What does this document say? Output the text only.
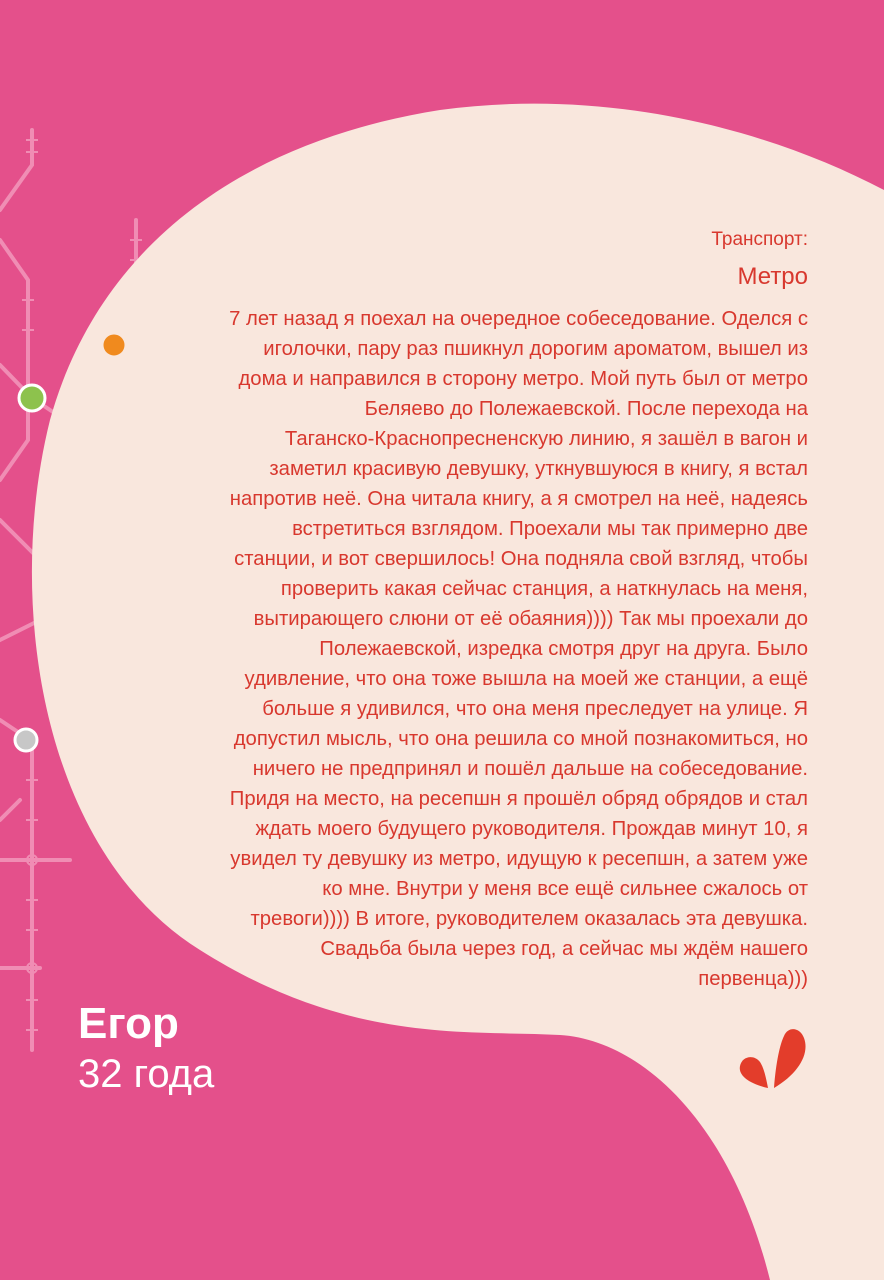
Транспорт:
Метро
7 лет назад я поехал на очередное собеседование. Оделся с
иголочки, пару раз пшикнул дорогим ароматом, вышел из
дома и направился в сторону метро. Мой путь был от метро
Беляево до Полежаевской. После перехода на
Таганско-Краснопресненскую линию, я зашёл в вагон и
заметил красивую девушку, уткнувшуюся в книгу, я встал
напротив неё. Она читала книгу, а я смотрел на неё, надеясь
встретиться взглядом. Проехали мы так примерно две
станции, и вот свершилось! Она подняла свой взгляд, чтобы
проверить какая сейчас станция, а наткнулась на меня,
вытирающего слюни от её обаяния)))) Так мы проехали до
Полежаевской, изредка смотря друг на друга. Было
удивление, что она тоже вышла на моей же станции, а ещё
больше я удивился, что она меня преследует на улице. Я
допустил мысль, что она решила со мной познакомиться, но
ничего не предпринял и пошёл дальше на собеседование.
Придя на место, на ресепшн я прошёл обряд обрядов и стал
ждать моего будущего руководителя. Прождав минут 10, я
увидел ту девушку из метро, идущую к ресепшн, а затем уже
ко мне. Внутри у меня все ещё сильнее сжалось от
тревоги)))) В итоге, руководителем оказалась эта девушка.
Свадьба была через год, а сейчас мы ждём нашего
первенца)))
Егор
32 года
